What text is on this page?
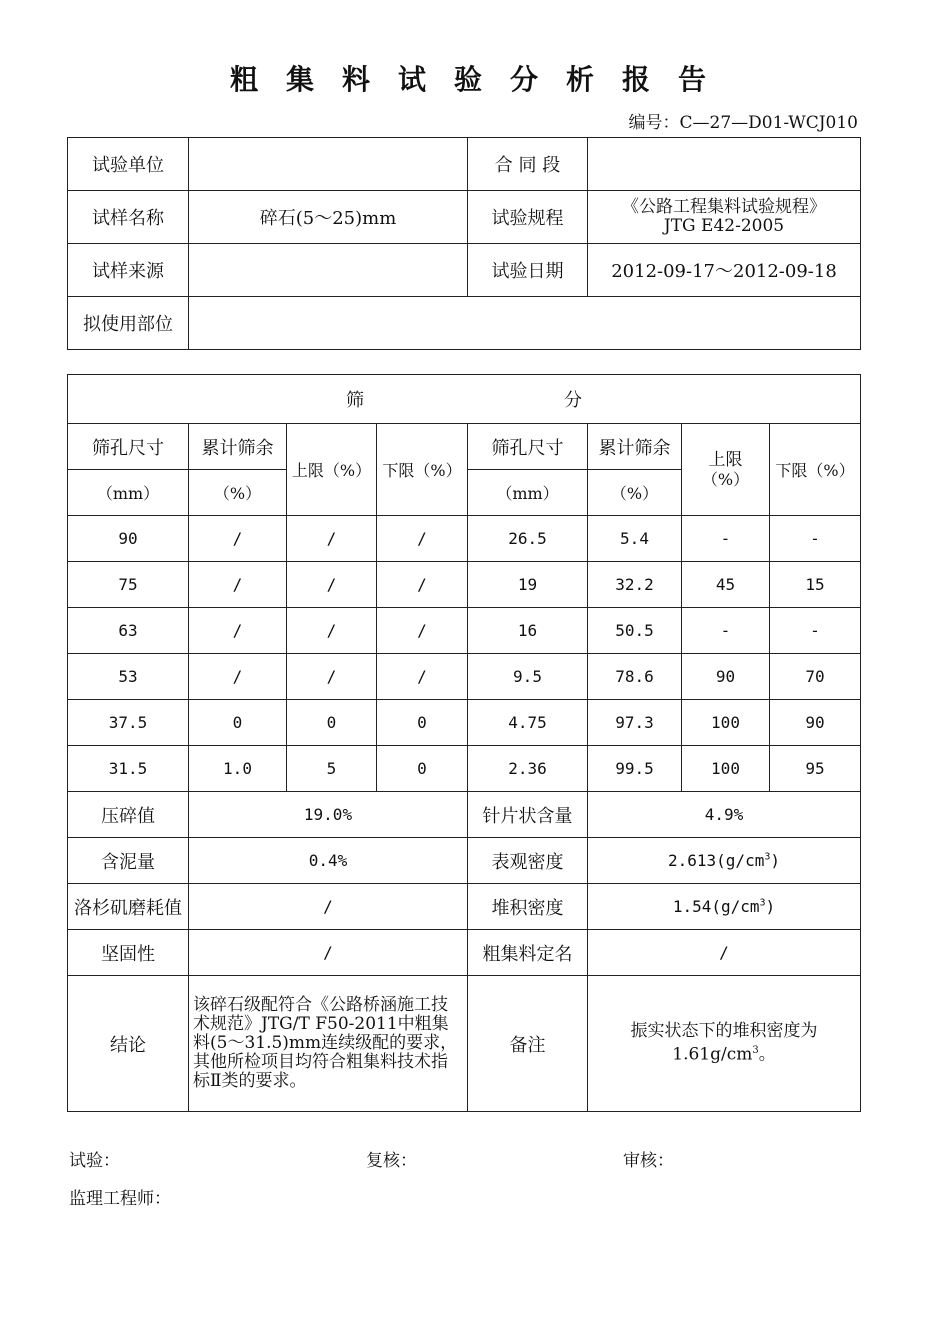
粗集料试验分析报告
编号：C—27—D01-WCJ010
试验单位		合 同 段	
试样名称	碎石(5～25)mm	试验规程	《公路工程集料试验规程》
JTG E42-2005

试样来源		试验日期	2012-09-17～2012-09-18
拟使用部位			
筛 分							
筛孔尺寸	累计筛余	上限（%）	下限（%）	筛孔尺寸	累计筛余	上限
（%）	下限（%）
（mm）	（%）			（mm）	（%）		
90	/	/	/	26.5	5.4	-	-
75	/	/	/	19	32.2	45	15
63	/	/	/	16	50.5	-	-
53	/	/	/	9.5	78.6	90	70
37.5	0	0	0	4.75	97.3	100	90
31.5	1.0	5	0	2.36	99.5	100	95
压碎值	19.0%			针片状含量	4.9%		
含泥量	0.4%			表观密度	$2.613(g/cm^3)$		
洛杉矶磨耗值	/			堆积密度	$1.54(g/cm^3)$		
坚固性	/			粗集料定名	/		
结论	该碎石级配符合《公路桥涵施工技术规范》JTG/T F50-2011中粗集料(5～31.5)mm连续级配的要求，其他所检项目均符合粗集料技术指标Ⅱ类的要求。			备注	振实状态下的堆积密度为
$1.61g/cm^3$。		
试验：	复核：	审核：
监理工程师：
